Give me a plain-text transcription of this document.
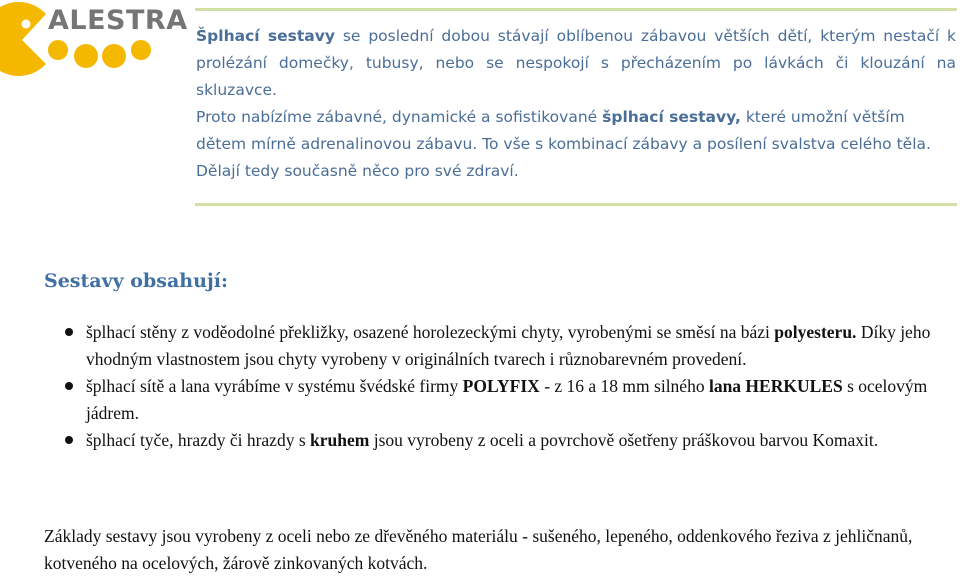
ALESTRA Šplhací sestavy se poslední dobou stávají oblíbenou zábavou větších dětí, kterým nestačí k prolézání domečky, tubusy, nebo se nespokojí s přecházením po lávkách či klouzání na skluzavce.

Proto nabízíme zábavné, dynamické a sofistikované šplhací sestavy, které umožní větším dětem mírně adrenalinovou zábavu. To vše s kombinací zábavy a posílení svalstva celého těla. Dělají tedy současně něco pro své zdraví.

Sestavy obsahují:
šplhací stěny z voděodolné překližky, osazené horolezeckými chyty, vyrobenými se směsí na bázi polyesteru. Díky jeho vhodným vlastnostem jsou chyty vyrobeny v originálních tvarech i různobarevném provedení.
šplhací sítě a lana vyrábíme v systému švédské firmy POLYFIX - z 16 a 18 mm silného lana HERKULES s ocelovým jádrem.
šplhací tyče, hrazdy či hrazdy s kruhem jsou vyrobeny z oceli a povrchově ošetřeny práškovou barvou Komaxit.

Základy sestavy jsou vyrobeny z oceli nebo ze dřevěného materiálu - sušeného, lepeného, oddenkového řeziva z jehličnanů, kotveného na ocelových, žárově zinkovaných kotvách.
